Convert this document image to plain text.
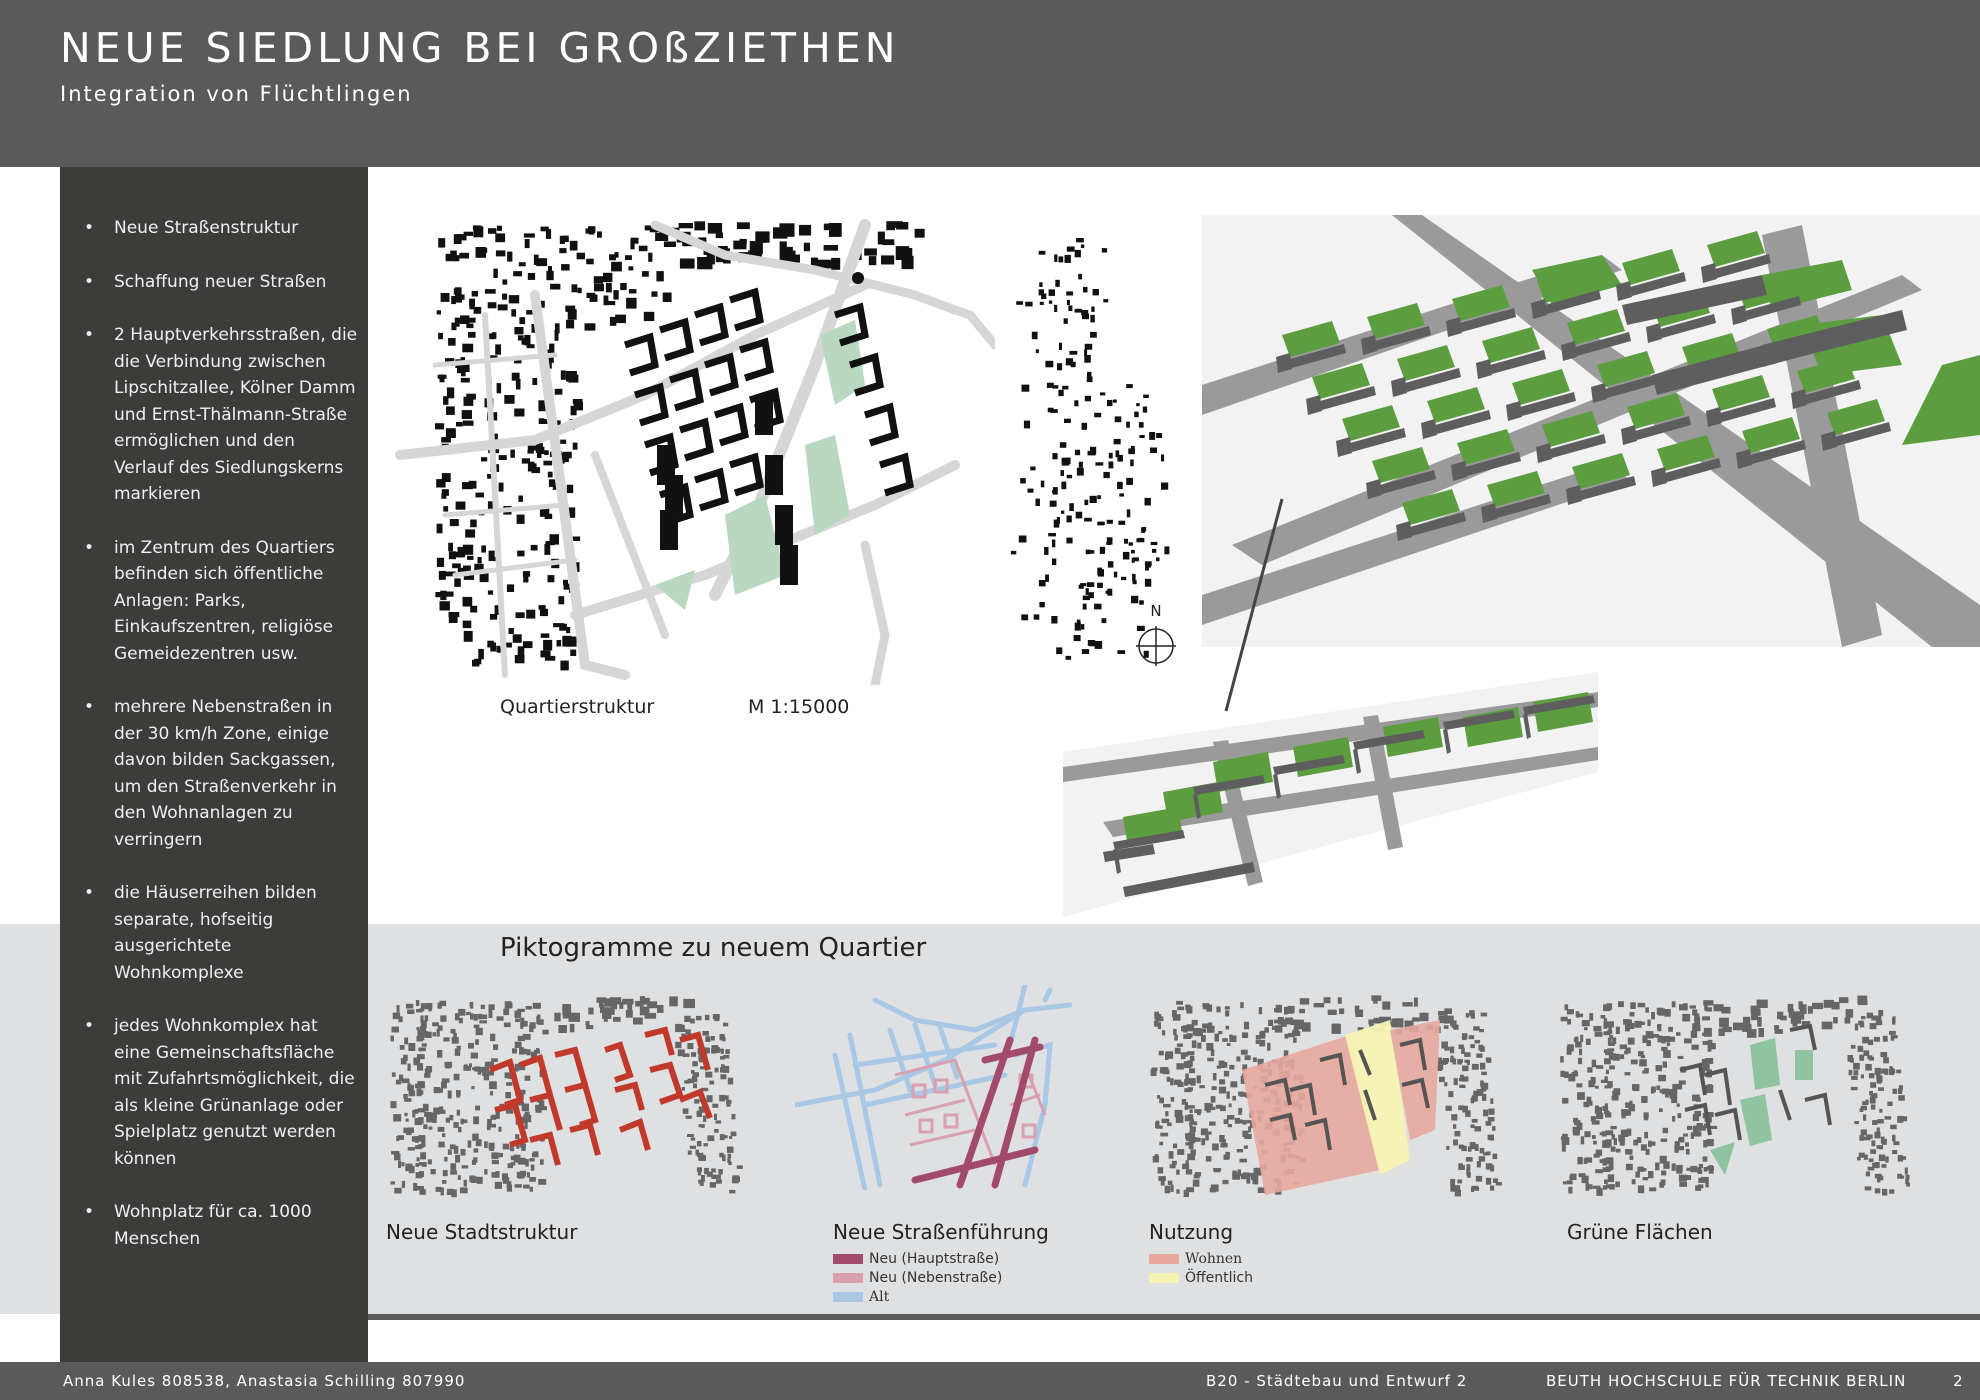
NEUE SIEDLUNG BEI GROßZIETHEN
Integration von Flüchtlingen
• Neue Straßenstruktur
• Schaffung neuer Straßen
• 2 Hauptverkehrsstraßen, die die Verbindung zwischen Lipschitzallee, Kölner Damm und Ernst-Thälmann-Straße ermöglichen und den Verlauf des Siedlungskerns markieren
• im Zentrum des Quartiers befinden sich öffentliche Anlagen: Parks, Einkaufszentren, religiöse Gemeidezentren usw.
• mehrere Nebenstraßen in der 30 km/h Zone, einige davon bilden Sackgassen, um den Straßenverkehr in den Wohnanlagen zu verringern
• die Häuserreihen bilden separate, hofseitig ausgerichtete Wohnkomplexe
• jedes Wohnkomplex hat eine Gemeinschaftsfläche mit Zufahrtsmöglichkeit, die als kleine Grünanlage oder Spielplatz genutzt werden können
• Wohnplatz für ca. 1000 Menschen
N
Quartierstruktur	M 1:15000
Piktogramme zu neuem Quartier
Neue Stadtstruktur	Neue Straßenführung	Nutzung	Grüne Flächen
Neu (Hauptstraße)
Neu (Nebenstraße)
Alt
Wohnen
Öffentlich
Anna Kules 808538, Anastasia Schilling 807990	B20 - Städtebau und Entwurf 2	BEUTH HOCHSCHULE FÜR TECHNIK BERLIN	2
